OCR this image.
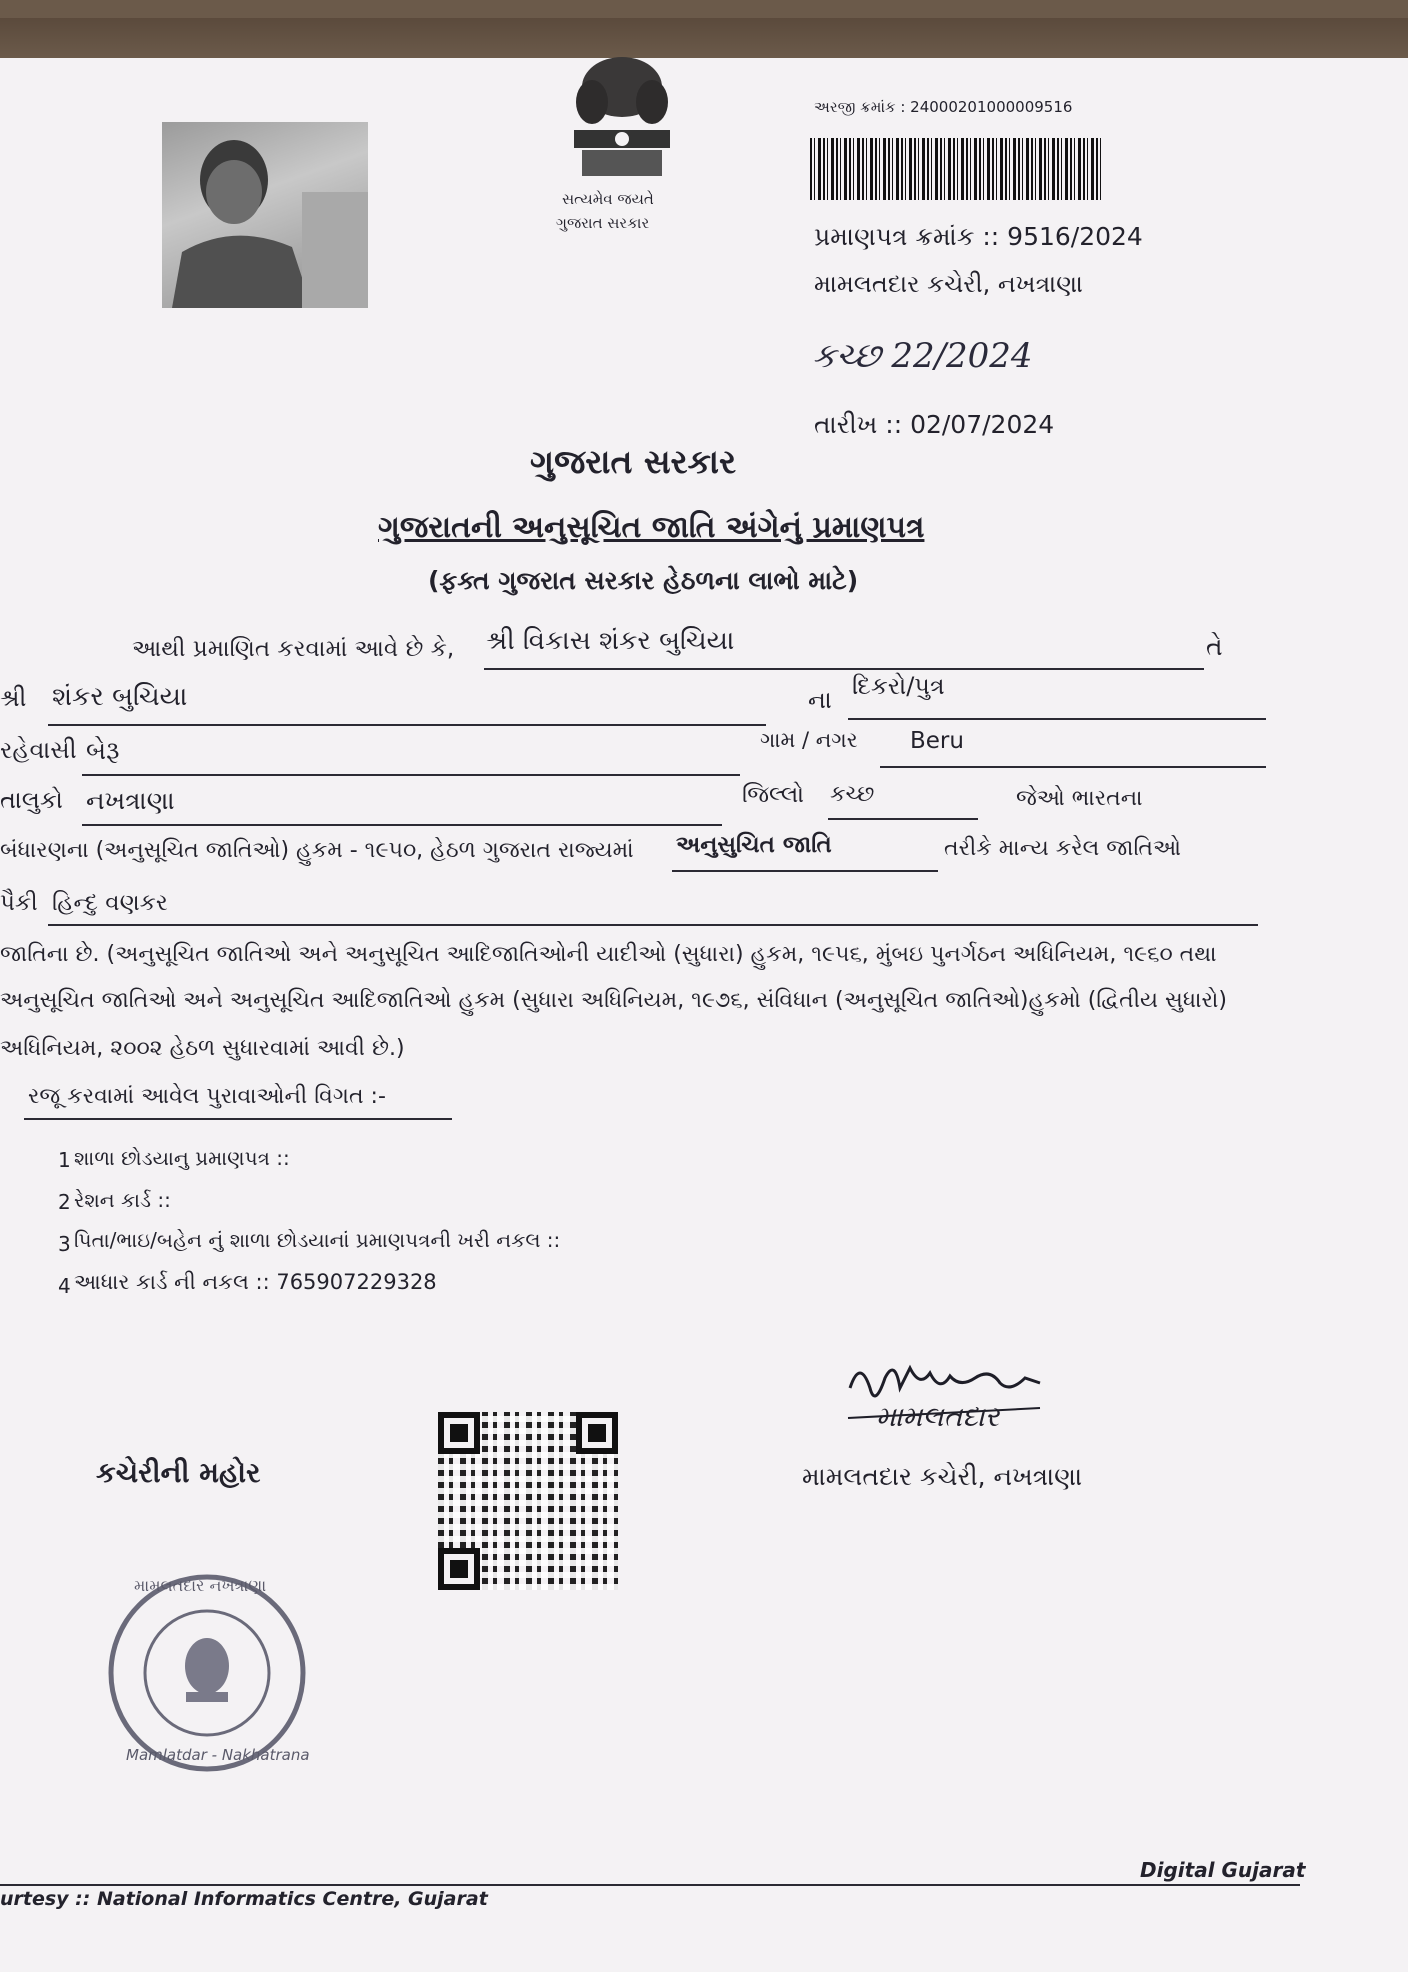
સત્યમેવ જયતે
ગુજરાત સરકાર
અરજી ક્રમાંક : 24000201000009516
પ્રમાણપત્ર ક્રમાંક :: 9516/2024
મામલતદાર કચેરી, નખત્રાણા
કચ્છ 22/2024
તારીખ :: 02/07/2024
ગુજરાત સરકાર
ગુજરાતની અનુસૂચિત જાતિ અંગેનું પ્રમાણપત્ર
(ફક્ત ગુજરાત સરકાર હેઠળના લાભો માટે)
આથી પ્રમાણિત કરવામાં આવે છે કે, શ્રી વિકાસ શંકર બુચિયા	તે
શ્રી શંકર બુચિયા	ના દિકરો/પુત્ર
રહેવાસી બેરૂ	ગામ / નગર Beru
તાલુકો નખત્રાણા	જિલ્લો કચ્છ	જેઓ ભારતના
બંધારણના (અનુસૂચિત જાતિઓ) હુકમ - ૧૯૫૦, હેઠળ ગુજરાત રાજ્યમાં અનુસુચિત જાતિ	તરીકે માન્ય કરેલ જાતિઓ
પૈકી હિન્દુ વણકર
જાતિના છે. (અનુસૂચિત જાતિઓ અને અનુસૂચિત આદિજાતિઓની યાદીઓ (સુધારા) હુકમ, ૧૯૫૬, મુંબઇ પુનર્ગઠન અધિનિયમ, ૧૯૬૦ તથા
અનુસૂચિત જાતિઓ અને અનુસૂચિત આદિજાતિઓ હુકમ (સુધારા અધિનિયમ, ૧૯૭૬, સંવિધાન (અનુસૂચિત જાતિઓ)હુકમો (દ્વિતીય સુધારો)
અધિનિયમ, ૨૦૦૨ હેઠળ સુધારવામાં આવી છે.)
રજૂ કરવામાં આવેલ પુરાવાઓની વિગત :-
1 શાળા છોડયાનુ પ્રમાણપત્ર ::
2 રેશન કાર્ડ ::
3 પિતા/ભાઇ/બહેન નું શાળા છોડયાનાં પ્રમાણપત્રની ખરી નકલ ::
4 આધાર કાર્ડ ની નકલ :: 765907229328
મામલતદાર
મામલતદાર કચેરી, નખત્રાણા
કચેરીની મહોર
મામલતદાર નખત્રાણા
Mamlatdar - Nakhatrana
Digital Gujarat
urtesy :: National Informatics Centre, Gujarat
